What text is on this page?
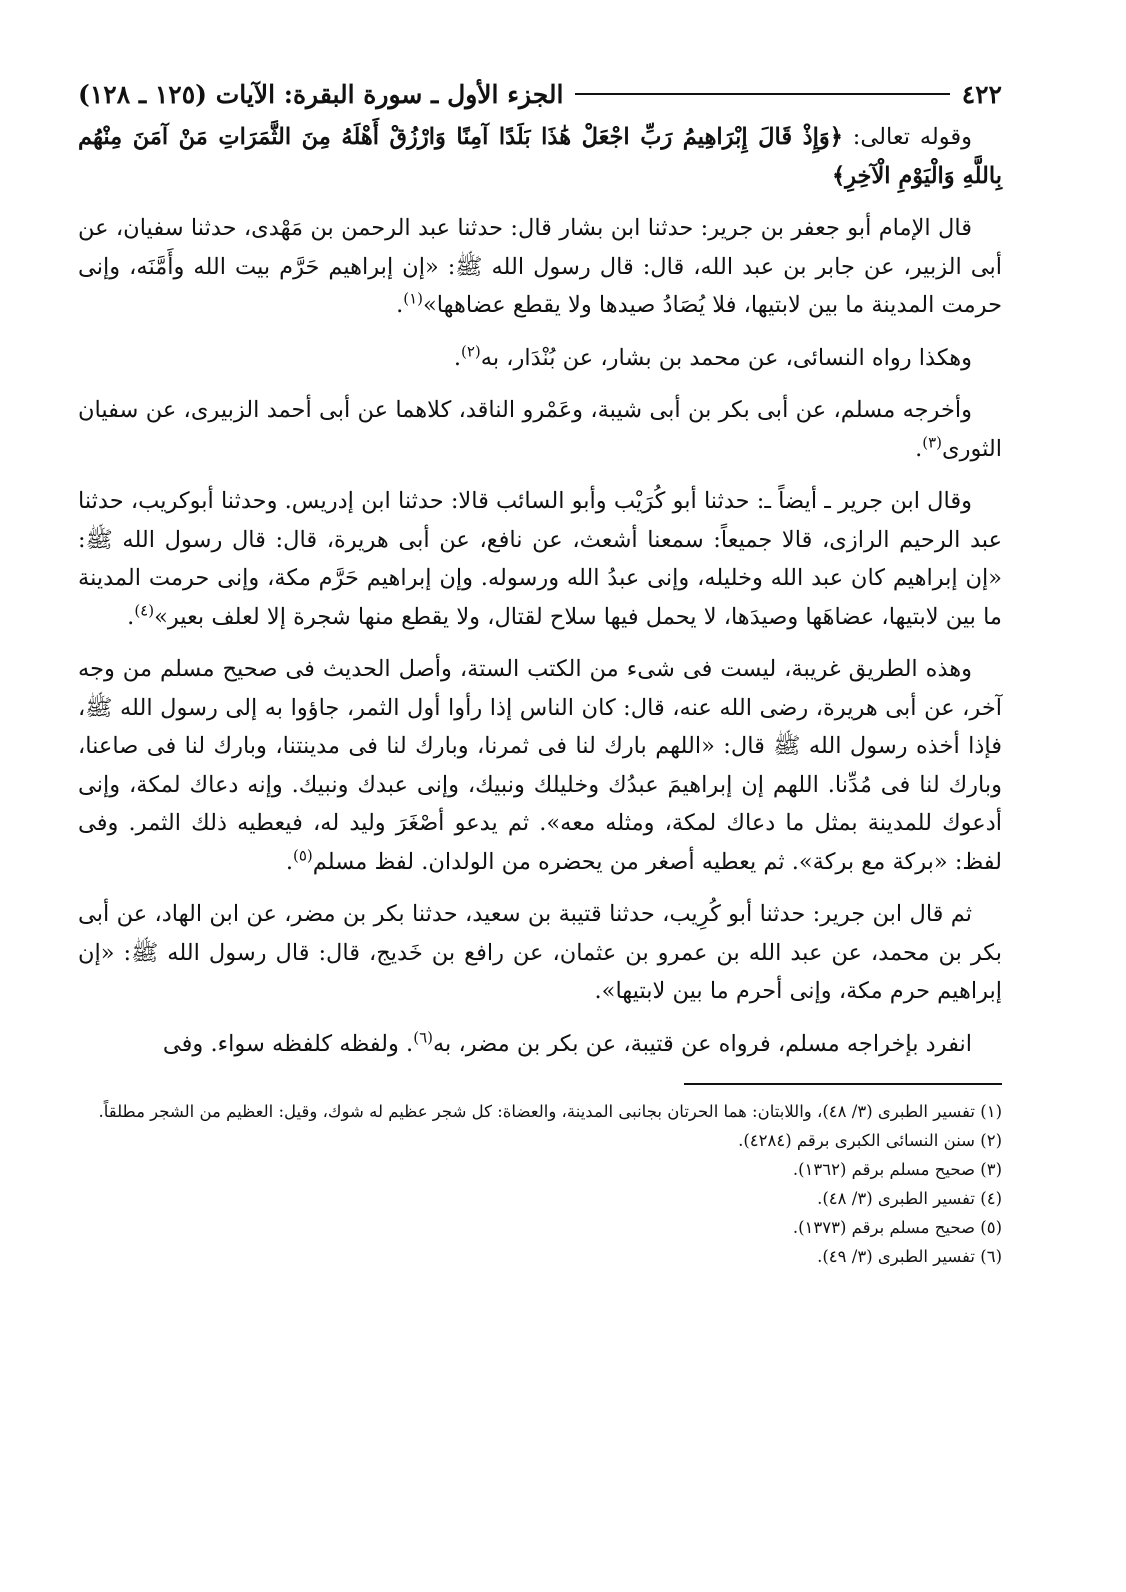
٤٢٢
الجزء الأول ـ سورة البقرة: الآيات (١٢٥ ـ ١٢٨)

وقوله تعالى: ﴿وَإِذْ قَالَ إِبْرَاهِيمُ رَبِّ اجْعَلْ هَٰذَا بَلَدًا آمِنًا وَارْزُقْ أَهْلَهُ مِنَ الثَّمَرَاتِ مَنْ آمَنَ مِنْهُم بِاللَّهِ وَالْيَوْمِ الْآخِرِ﴾

قال الإمام أبو جعفر بن جرير: حدثنا ابن بشار قال: حدثنا عبد الرحمن بن مَهْدى، حدثنا سفيان، عن أبى الزبير، عن جابر بن عبد الله، قال: قال رسول الله ﷺ: «إن إبراهيم حَرَّم بيت الله وأَمَّنَه، وإنى حرمت المدينة ما بين لابتيها، فلا يُصَادُ صيدها ولا يقطع عضاهها»$^{(١)}$.

وهكذا رواه النسائى، عن محمد بن بشار، عن بُنْدَار، به$^{(٢)}$.

وأخرجه مسلم، عن أبى بكر بن أبى شيبة، وعَمْرو الناقد، كلاهما عن أبى أحمد الزبيرى، عن سفيان الثورى$^{(٣)}$.

وقال ابن جرير ـ أيضاً ـ: حدثنا أبو كُرَيْب وأبو السائب قالا: حدثنا ابن إدريس. وحدثنا أبوكريب، حدثنا عبد الرحيم الرازى، قالا جميعاً: سمعنا أشعث، عن نافع، عن أبى هريرة، قال: قال رسول الله ﷺ: «إن إبراهيم كان عبد الله وخليله، وإنى عبدُ الله ورسوله. وإن إبراهيم حَرَّم مكة، وإنى حرمت المدينة ما بين لابتيها، عضاهَها وصيدَها، لا يحمل فيها سلاح لقتال، ولا يقطع منها شجرة إلا لعلف بعير»$^{(٤)}$.

وهذه الطريق غريبة، ليست فى شىء من الكتب الستة، وأصل الحديث فى صحيح مسلم من وجه آخر، عن أبى هريرة، رضى الله عنه، قال: كان الناس إذا رأوا أول الثمر، جاؤوا به إلى رسول الله ﷺ، فإذا أخذه رسول الله ﷺ قال: «اللهم بارك لنا فى ثمرنا، وبارك لنا فى مدينتنا، وبارك لنا فى صاعنا، وبارك لنا فى مُدِّنا. اللهم إن إبراهيمَ عبدُك وخليلك ونبيك، وإنى عبدك ونبيك. وإنه دعاك لمكة، وإنى أدعوك للمدينة بمثل ما دعاك لمكة، ومثله معه». ثم يدعو أصْغَرَ وليد له، فيعطيه ذلك الثمر. وفى لفظ: «بركة مع بركة». ثم يعطيه أصغر من يحضره من الولدان. لفظ مسلم$^{(٥)}$.

ثم قال ابن جرير: حدثنا أبو كُرِيب، حدثنا قتيبة بن سعيد، حدثنا بكر بن مضر، عن ابن الهاد، عن أبى بكر بن محمد، عن عبد الله بن عمرو بن عثمان، عن رافع بن خَديج، قال: قال رسول الله ﷺ: «إن إبراهيم حرم مكة، وإنى أحرم ما بين لابتيها».

انفرد بإخراجه مسلم، فرواه عن قتيبة، عن بكر بن مضر، به$^{(٦)}$. ولفظه كلفظه سواء. وفى

(١) تفسير الطبرى (٣/ ٤٨)، واللابتان: هما الحرتان بجانبى المدينة، والعضاة: كل شجر عظيم له شوك، وقيل: العظيم من الشجر مطلقاً.

(٢) سنن النسائى الكبرى برقم (٤٢٨٤).

(٣) صحيح مسلم برقم (١٣٦٢).

(٤) تفسير الطبرى (٣/ ٤٨).

(٥) صحيح مسلم برقم (١٣٧٣).

(٦) تفسير الطبرى (٣/ ٤٩).
